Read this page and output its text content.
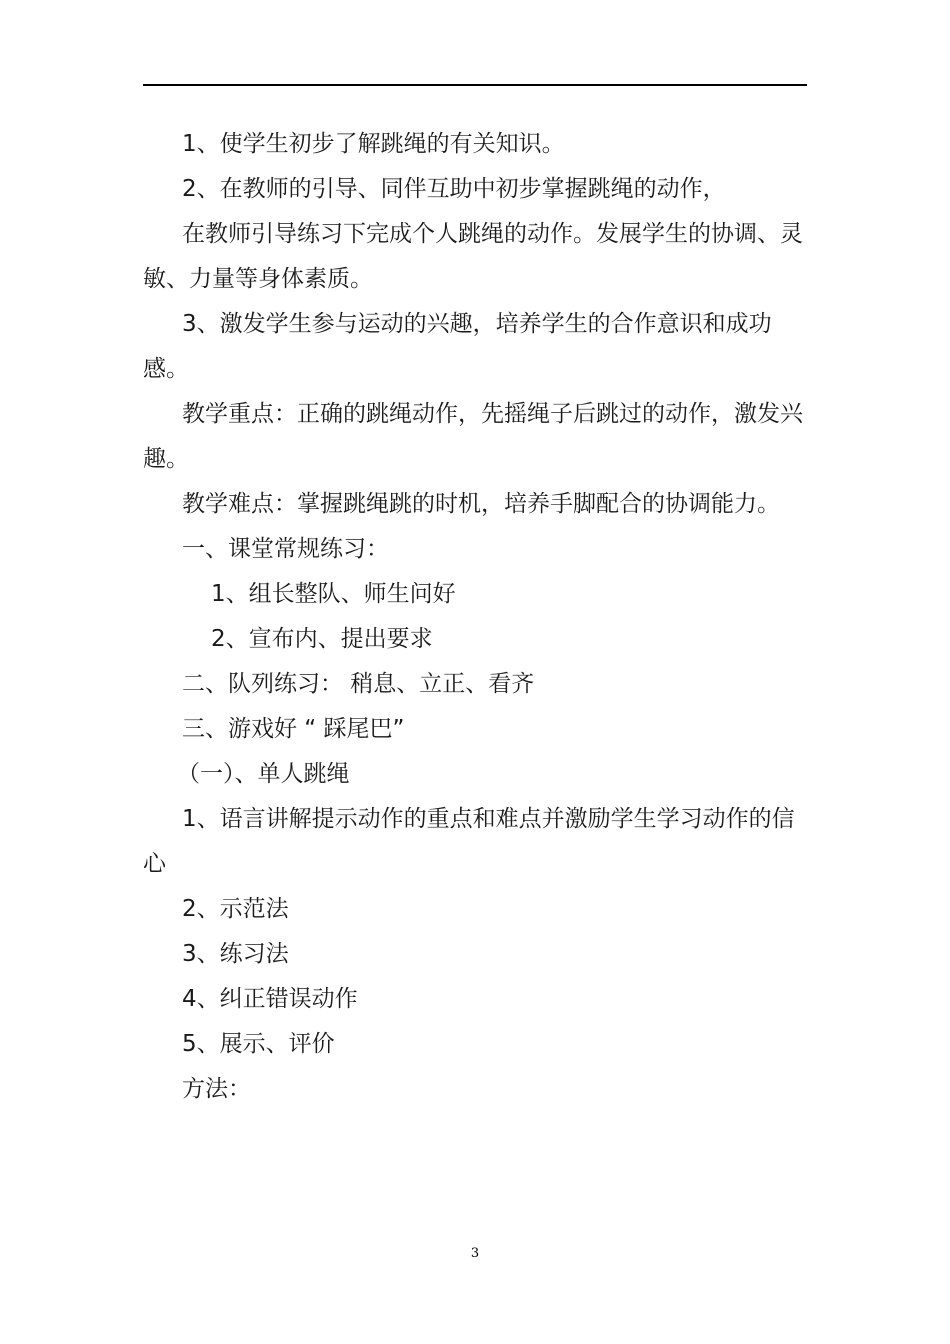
1、使学生初步了解跳绳的有关知识。

2、在教师的引导、同伴互助中初步掌握跳绳的动作，

在教师引导练习下完成个人跳绳的动作。发展学生的协调、灵敏、力量等身体素质。

3、激发学生参与运动的兴趣，培养学生的合作意识和成功感。

教学重点：正确的跳绳动作，先摇绳子后跳过的动作，激发兴趣。

教学难点：掌握跳绳跳的时机，培养手脚配合的协调能力。

一、课堂常规练习：

1、组长整队、师生问好

2、宣布内、提出要求

二、队列练习： 稍息、立正、看齐

三、游戏好 “ 踩尾巴”

（一）、单人跳绳

1、语言讲解提示动作的重点和难点并激励学生学习动作的信心

2、示范法

3、练习法

4、纠正错误动作

5、展示、评价

方法：

3
